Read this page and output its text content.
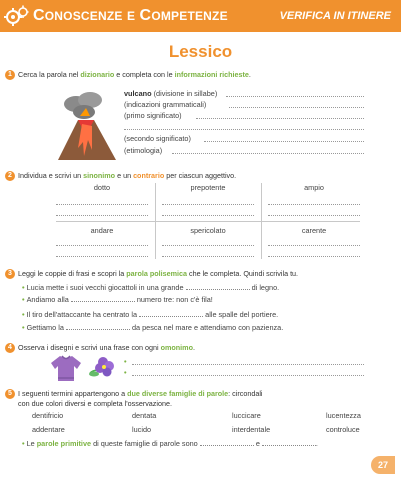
CONOSCENZE E COMPETENZE	VERIFICA IN ITINERE
Lessico
1 Cerca la parola nel dizionario e completa con le informazioni richieste.
vulcano (divisione in sillabe)
(indicazioni grammaticali)
(primo significato)
(secondo significato)
(etimologia)
2 Individua e scrivi un sinonimo e un contrario per ciascun aggettivo.
dotto	prepotente	ampio
andare	spericolato	carente
3 Leggi le coppie di frasi e scopri la parola polisemica che le completa. Quindi scrivila tu.
• Lucia mette i suoi vecchi giocattoli in una grande	di legno.
• Andiamo alla	numero tre: non c'è fila!
• Il tiro dell'attaccante ha centrato la	alle spalle del portiere.
• Gettiamo la	da pesca nel mare e attendiamo con pazienza.
4 Osserva i disegni e scrivi una frase con ogni omonimo.
•
•
5 I seguenti termini appartengono a due diverse famiglie di parole: circondali
con due colori diversi e completa l'osservazione.
dentifricio	dentata	luccicare	lucentezza
addentare	lucido	interdentale	controluce
• Le parole primitive di queste famiglie di parole sono	e	.
27
